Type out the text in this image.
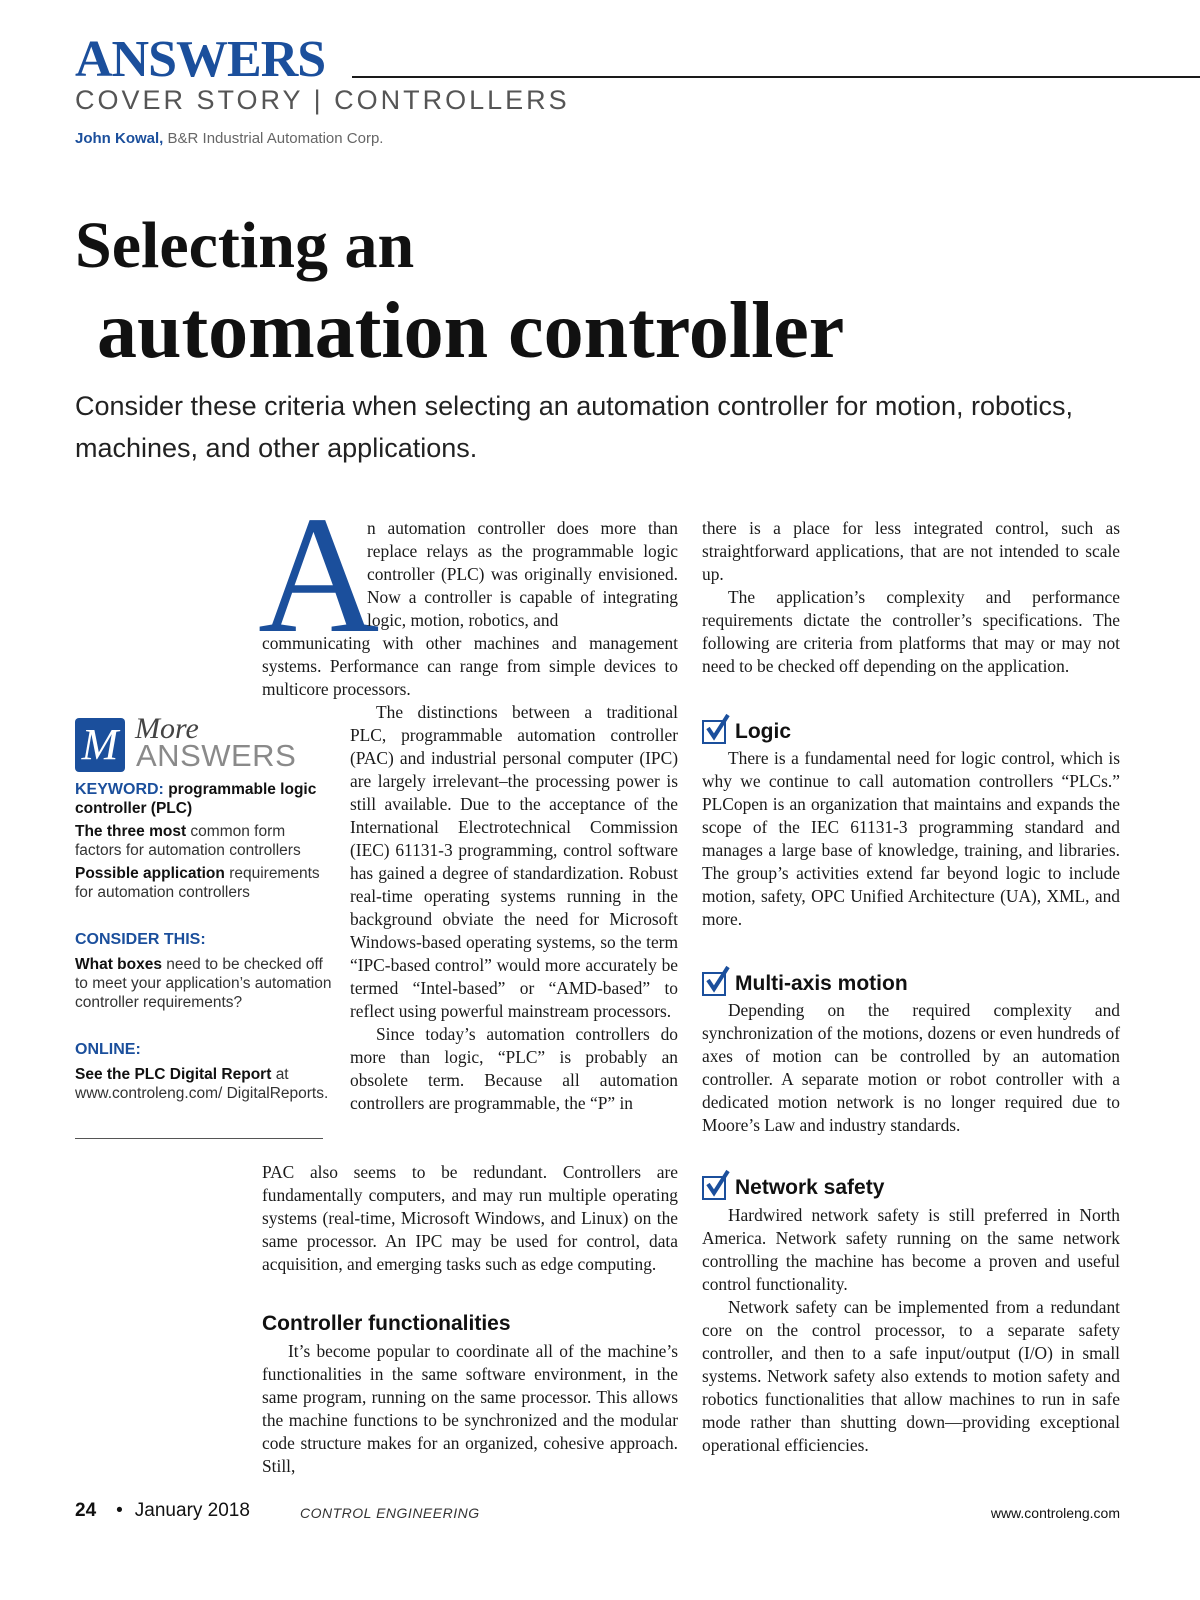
ANSWERS
COVER STORY | CONTROLLERS
John Kowal, B&R Industrial Automation Corp.
Selecting an
automation controller
Consider these criteria when selecting an automation controller for motion, robotics, machines, and other applications.
A

n automation controller does more than replace relays as the programmable logic controller (PLC) was originally envisioned. Now a controller is capable of integrating logic, motion, robotics, and

communicating with other machines and management systems. Performance can range from simple devices to multicore processors.

The distinctions between a traditional PLC, programmable automation controller (PAC) and industrial personal computer (IPC) are largely irrelevant–the processing power is still available. Due to the acceptance of the International Electrotechnical Commission (IEC) 61131-3 programming, control software has gained a degree of standardization. Robust real-time operating systems running in the background obviate the need for Microsoft Windows-based operating systems, so the term “IPC-based control” would more accurately be termed “Intel-based” or “AMD-based” to reflect using powerful mainstream processors.

Since today’s automation controllers do more than logic, “PLC” is probably an obsolete term. Because all automation controllers are programmable, the “P” in

PAC also seems to be redundant. Controllers are fundamentally computers, and may run multiple operating systems (real-time, Microsoft Windows, and Linux) on the same processor. An IPC may be used for control, data acquisition, and emerging tasks such as edge computing.

Controller functionalities

It’s become popular to coordinate all of the machine’s functionalities in the same software environment, in the same program, running on the same processor. This allows the machine functions to be synchronized and the modular code structure makes for an organized, cohesive approach. Still,

there is a place for less integrated control, such as straightforward applications, that are not intended to scale up.

The application’s complexity and performance requirements dictate the controller’s specifications. The following are criteria from platforms that may or may not need to be checked off depending on the application.

Logic

There is a fundamental need for logic control, which is why we continue to call automation controllers “PLCs.” PLCopen is an organization that maintains and expands the scope of the IEC 61131-3 programming standard and manages a large base of knowledge, training, and libraries. The group’s activities extend far beyond logic to include motion, safety, OPC Unified Architecture (UA), XML, and more.

Multi-axis motion

Depending on the required complexity and synchronization of the motions, dozens or even hundreds of axes of motion can be controlled by an automation controller. A separate motion or robot controller with a dedicated motion network is no longer required due to Moore’s Law and industry standards.

Network safety

Hardwired network safety is still preferred in North America. Network safety running on the same network controlling the machine has become a proven and useful control functionality.

Network safety can be implemented from a redundant core on the control processor, to a separate safety controller, and then to a safe input/output (I/O) in small systems. Network safety also extends to motion safety and robotics functionalities that allow machines to run in safe mode rather than shutting down—providing exceptional operational efficiencies.

M More
ANSWERS
KEYWORD: programmable logic controller (PLC)
The three most common form factors for automation controllers
Possible application requirements for automation controllers
CONSIDER THIS:
What boxes need to be checked off to meet your application’s automation controller requirements?
ONLINE:
See the PLC Digital Report at www.controleng.com/ DigitalReports.
24 • January 2018	CONTROL ENGINEERING	www.controleng.com
